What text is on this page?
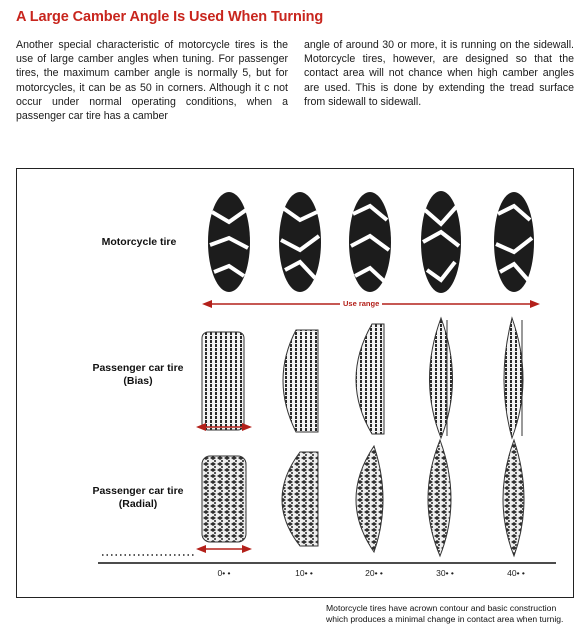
A Large Camber Angle Is Used When Turning
Another special characteristic of motorcycle tires is the use of large camber angles when tuning. For passenger tires, the maximum camber angle is normally 5, but for motorcycles, it can be as 50 in corners. Although it c not occur under normal operating conditions, when a passenger car tire has a camber
angle of around 30 or more, it is running on the sidewall. Motorcycle tires, however, are designed so that the contact area will not chance when high camber angles are used. This is done by extending the tread surface from sidewall to sidewall.
Use range
Motorcycle tire
Passenger car tire
(Bias)
Passenger car tire
(Radial)
0• •	10• •	20• •	30• •	40• •
Motorcycle tires have acrown contour and basic construction which produces a minimal change in contact area when turnig.
